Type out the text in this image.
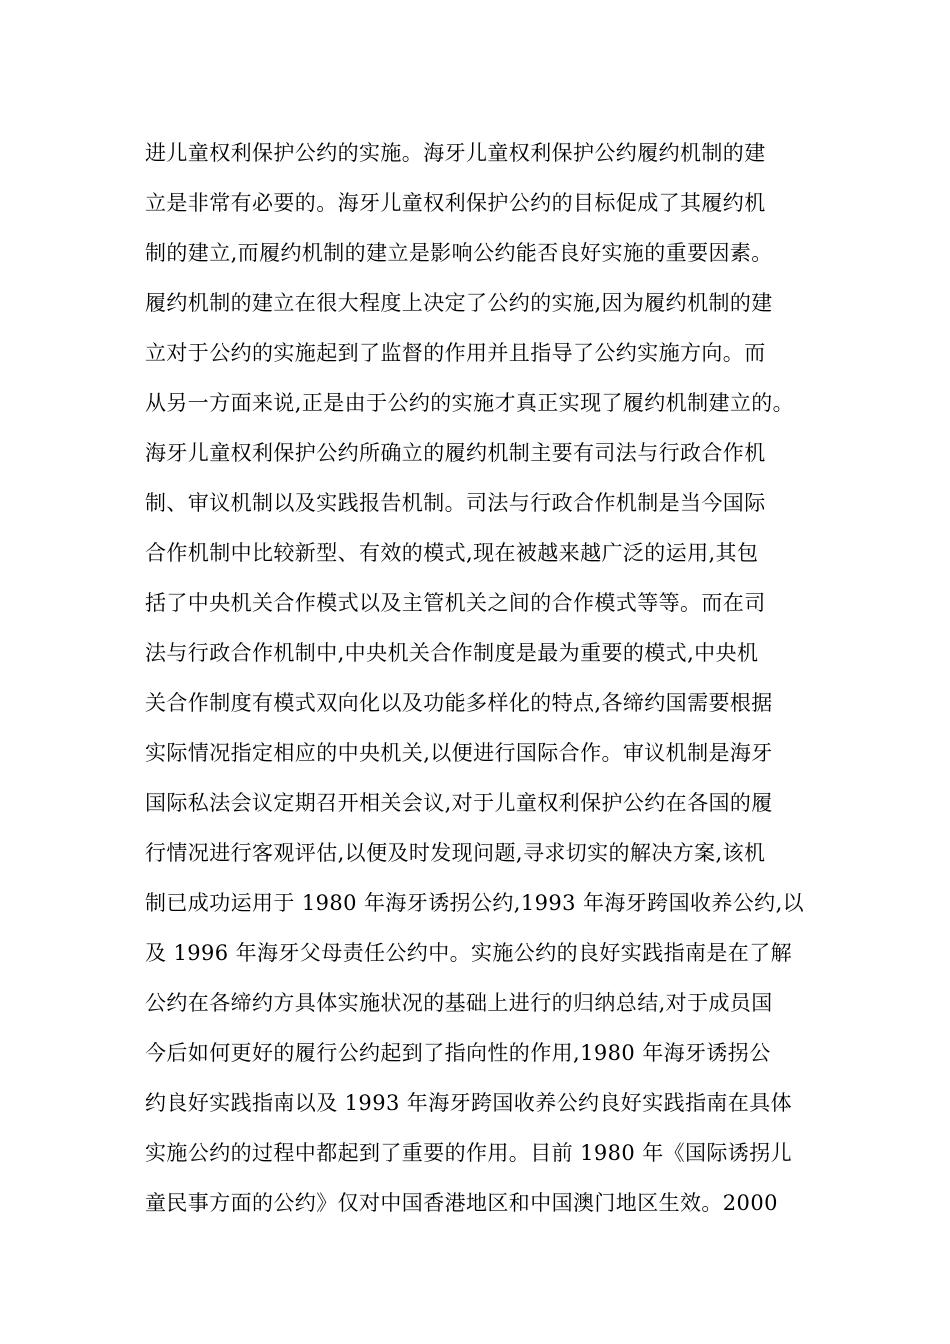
进儿童权利保护公约的实施。海牙儿童权利保护公约履约机制的建
立是非常有必要的。海牙儿童权利保护公约的目标促成了其履约机
制的建立,而履约机制的建立是影响公约能否良好实施的重要因素。
履约机制的建立在很大程度上决定了公约的实施,因为履约机制的建
立对于公约的实施起到了监督的作用并且指导了公约实施方向。而
从另一方面来说,正是由于公约的实施才真正实现了履约机制建立的。
海牙儿童权利保护公约所确立的履约机制主要有司法与行政合作机
制、审议机制以及实践报告机制。司法与行政合作机制是当今国际
合作机制中比较新型、有效的模式,现在被越来越广泛的运用,其包
括了中央机关合作模式以及主管机关之间的合作模式等等。而在司
法与行政合作机制中,中央机关合作制度是最为重要的模式,中央机
关合作制度有模式双向化以及功能多样化的特点,各缔约国需要根据
实际情况指定相应的中央机关,以便进行国际合作。审议机制是海牙
国际私法会议定期召开相关会议,对于儿童权利保护公约在各国的履
行情况进行客观评估,以便及时发现问题,寻求切实的解决方案,该机
制已成功运用于 1980 年海牙诱拐公约,1993 年海牙跨国收养公约,以
及 1996 年海牙父母责任公约中。实施公约的良好实践指南是在了解
公约在各缔约方具体实施状况的基础上进行的归纳总结,对于成员国
今后如何更好的履行公约起到了指向性的作用,1980 年海牙诱拐公
约良好实践指南以及 1993 年海牙跨国收养公约良好实践指南在具体
实施公约的过程中都起到了重要的作用。目前 1980 年《国际诱拐儿
童民事方面的公约》仅对中国香港地区和中国澳门地区生效。2000
